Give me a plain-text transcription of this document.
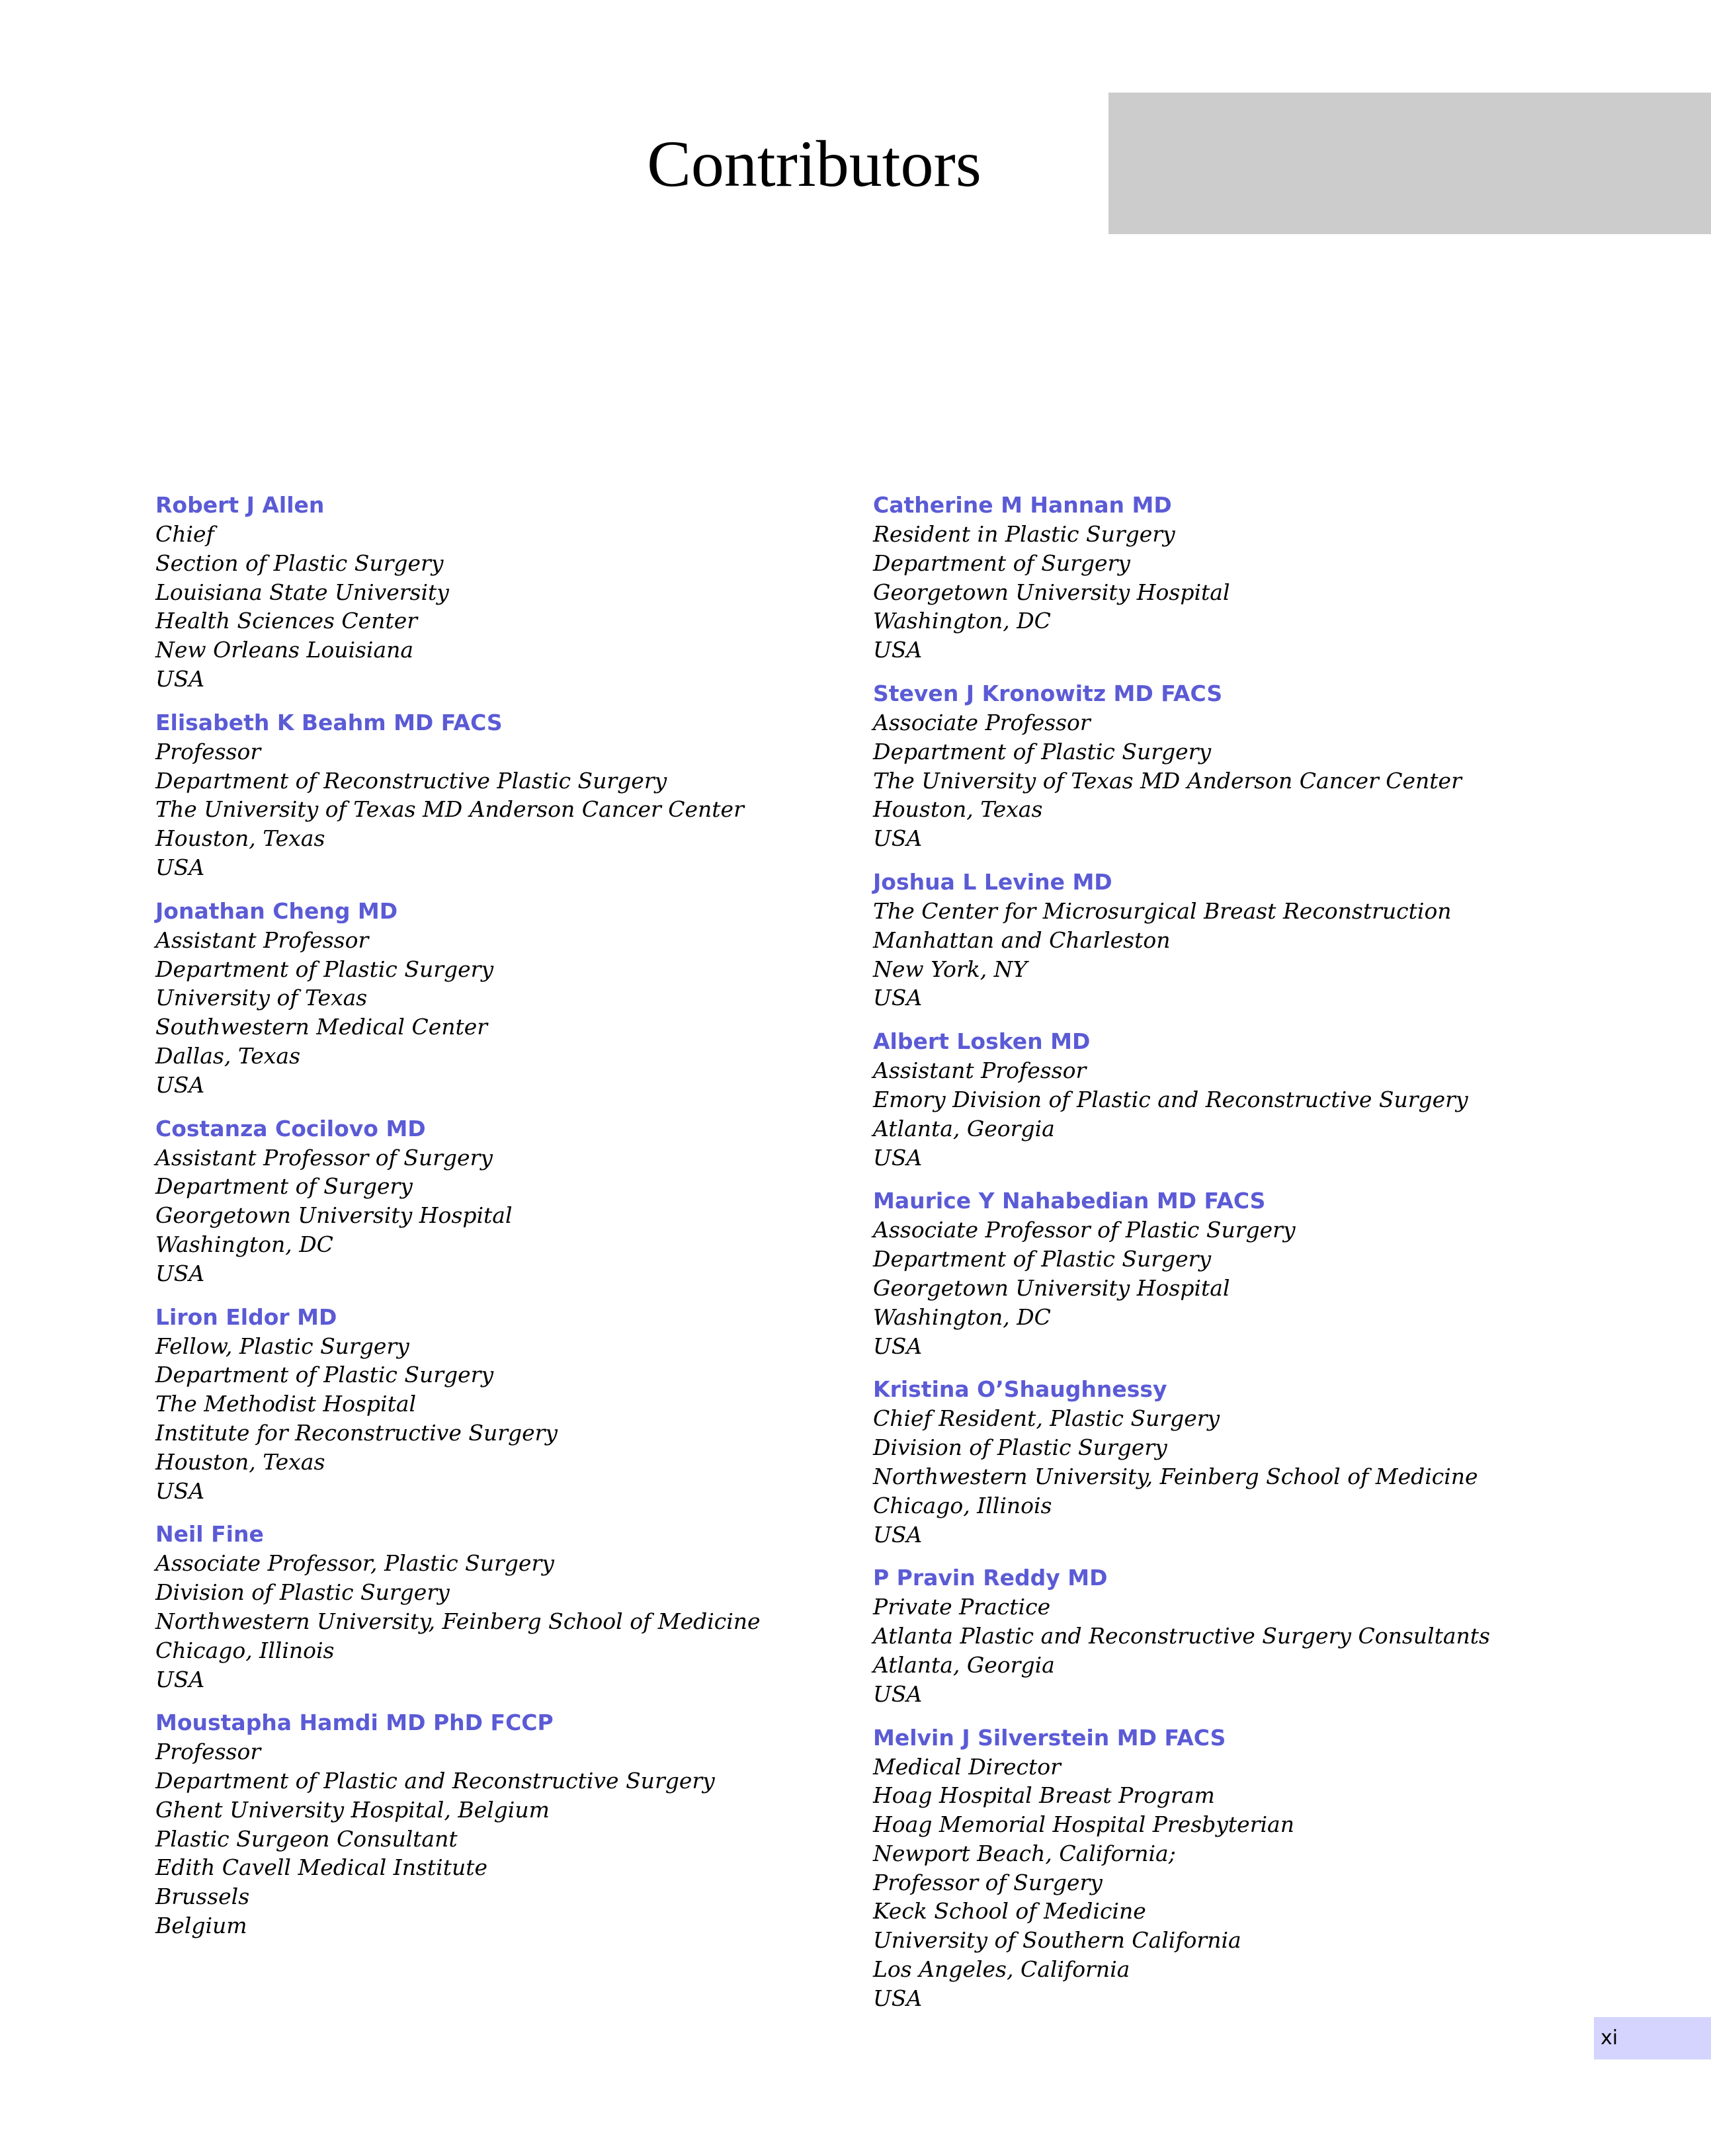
Contributors
Robert J Allen
Chief
Section of Plastic Surgery
Louisiana State University
Health Sciences Center
New Orleans Louisiana
USA
Elisabeth K Beahm MD FACS
Professor
Department of Reconstructive Plastic Surgery
The University of Texas MD Anderson Cancer Center
Houston, Texas
USA
Jonathan Cheng MD
Assistant Professor
Department of Plastic Surgery
University of Texas
Southwestern Medical Center
Dallas, Texas
USA
Costanza Cocilovo MD
Assistant Professor of Surgery
Department of Surgery
Georgetown University Hospital
Washington, DC
USA
Liron Eldor MD
Fellow, Plastic Surgery
Department of Plastic Surgery
The Methodist Hospital
Institute for Reconstructive Surgery
Houston, Texas
USA
Neil Fine
Associate Professor, Plastic Surgery
Division of Plastic Surgery
Northwestern University, Feinberg School of Medicine
Chicago, Illinois
USA
Moustapha Hamdi MD PhD FCCP
Professor
Department of Plastic and Reconstructive Surgery
Ghent University Hospital, Belgium
Plastic Surgeon Consultant
Edith Cavell Medical Institute
Brussels
Belgium
Catherine M Hannan MD
Resident in Plastic Surgery
Department of Surgery
Georgetown University Hospital
Washington, DC
USA
Steven J Kronowitz MD FACS
Associate Professor
Department of Plastic Surgery
The University of Texas MD Anderson Cancer Center
Houston, Texas
USA
Joshua L Levine MD
The Center for Microsurgical Breast Reconstruction
Manhattan and Charleston
New York, NY
USA
Albert Losken MD
Assistant Professor
Emory Division of Plastic and Reconstructive Surgery
Atlanta, Georgia
USA
Maurice Y Nahabedian MD FACS
Associate Professor of Plastic Surgery
Department of Plastic Surgery
Georgetown University Hospital
Washington, DC
USA
Kristina O’Shaughnessy
Chief Resident, Plastic Surgery
Division of Plastic Surgery
Northwestern University, Feinberg School of Medicine
Chicago, Illinois
USA
P Pravin Reddy MD
Private Practice
Atlanta Plastic and Reconstructive Surgery Consultants
Atlanta, Georgia
USA
Melvin J Silverstein MD FACS
Medical Director
Hoag Hospital Breast Program
Hoag Memorial Hospital Presbyterian
Newport Beach, California;
Professor of Surgery
Keck School of Medicine
University of Southern California
Los Angeles, California
USA
xi
